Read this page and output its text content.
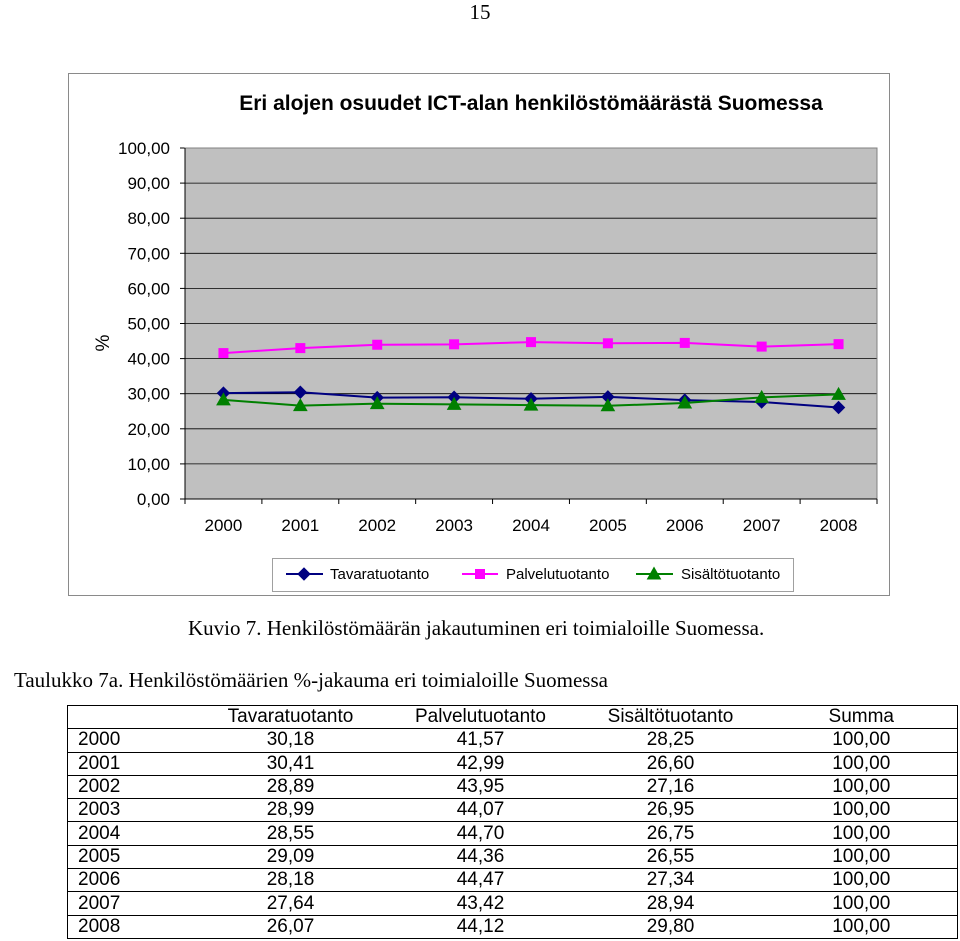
15
Eri alojen osuudet ICT-alan henkilöstömäärästä Suomessa
%
0,00
10,00
20,00
30,00
40,00
50,00
60,00
70,00
80,00
90,00
100,00
2000 2001 2002 2003 2004 2005 2006 2007 2008
Tavaratuotanto	Palvelutuotanto	Sisältötuotanto
Kuvio 7. Henkilöstömäärän jakautuminen eri toimialoille Suomessa.
Taulukko 7a. Henkilöstömäärien %-jakauma eri toimialoille Suomessa
	Tavaratuotanto	Palvelutuotanto	Sisältötuotanto	Summa
2000	30,18	41,57	28,25	100,00
2001	30,41	42,99	26,60	100,00
2002	28,89	43,95	27,16	100,00
2003	28,99	44,07	26,95	100,00
2004	28,55	44,70	26,75	100,00
2005	29,09	44,36	26,55	100,00
2006	28,18	44,47	27,34	100,00
2007	27,64	43,42	28,94	100,00
2008	26,07	44,12	29,80	100,00
